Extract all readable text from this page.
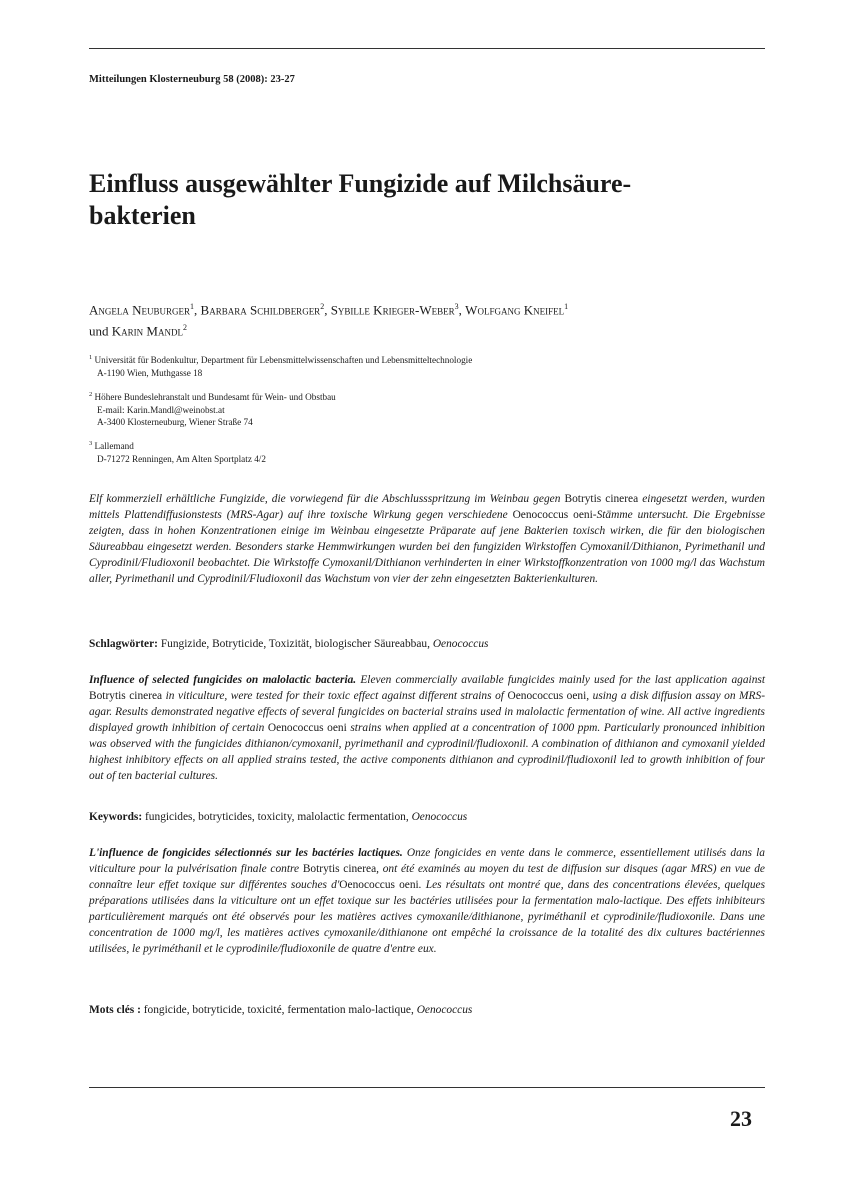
Mitteilungen Klosterneuburg 58 (2008): 23-27
Einfluss ausgewählter Fungizide auf Milchsäure-
bakterien
Angela Neuburger$^1$, Barbara Schildberger$^2$, Sybille Krieger-Weber$^3$, Wolfgang Kneifel$^1$
und Karin Mandl$^2$
$^1$ Universität für Bodenkultur, Department für Lebensmittelwissenschaften und Lebensmitteltechnologie
A-1190 Wien, Muthgasse 18
$^2$ Höhere Bundeslehranstalt und Bundesamt für Wein- und Obstbau
E-mail: Karin.Mandl@weinobst.at
A-3400 Klosterneuburg, Wiener Straße 74
$^3$ Lallemand
D-71272 Renningen, Am Alten Sportplatz 4/2

Elf kommerziell erhältliche Fungizide, die vorwiegend für die Abschlussspritzung im Weinbau gegen Botrytis cinerea eingesetzt werden, wurden mittels Plattendiffusionstests (MRS-Agar) auf ihre toxische Wirkung gegen verschiedene Oenococcus oeni-Stämme untersucht. Die Ergebnisse zeigten, dass in hohen Konzentrationen einige im Weinbau eingesetzte Präparate auf jene Bakterien toxisch wirken, die für den biologischen Säureabbau eingesetzt werden. Besonders starke Hemmwirkungen wurden bei den fungiziden Wirkstoffen Cymoxanil/Dithianon, Pyrimethanil und Cyprodinil/Fludioxonil beobachtet. Die Wirkstoffe Cymoxanil/Dithianon verhinderten in einer Wirkstoffkonzentration von 1000 mg/l das Wachstum aller, Pyrimethanil und Cyprodinil/Fludioxonil das Wachstum von vier der zehn eingesetzten Bakterienkulturen.

Schlagwörter: Fungizide, Botryticide, Toxizität, biologischer Säureabbau, Oenococcus

Influence of selected fungicides on malolactic bacteria. Eleven commercially available fungicides mainly used for the last application against Botrytis cinerea in viticulture, were tested for their toxic effect against different strains of Oenococcus oeni, using a disk diffusion assay on MRS-agar. Results demonstrated negative effects of several fungicides on bacterial strains used in malolactic fermentation of wine. All active ingredients displayed growth inhibition of certain Oenococcus oeni strains when applied at a concentration of 1000 ppm. Particularly pronounced inhibition was observed with the fungicides dithianon/cymoxanil, pyrimethanil and cyprodinil/fludioxonil. A combination of dithianon and cymoxanil yielded highest inhibitory effects on all applied strains tested, the active components dithianon and cyprodinil/fludioxonil led to growth inhibition of four out of ten bacterial cultures.

Keywords: fungicides, botryticides, toxicity, malolactic fermentation, Oenococcus

L'influence de fongicides sélectionnés sur les bactéries lactiques. Onze fongicides en vente dans le commerce, essentiellement utilisés dans la viticulture pour la pulvérisation finale contre Botrytis cinerea, ont été examinés au moyen du test de diffusion sur disques (agar MRS) en vue de connaître leur effet toxique sur différentes souches d'Oenococcus oeni. Les résultats ont montré que, dans des concentrations élevées, quelques préparations utilisées dans la viticulture ont un effet toxique sur les bactéries utilisées pour la fermentation malo-lactique. Des effets inhibiteurs particulièrement marqués ont été observés pour les matières actives cymoxanile/dithianone, pyriméthanil et cyprodinile/fludioxonile. Dans une concentration de 1000 mg/l, les matières actives cymoxanile/dithianone ont empêché la croissance de la totalité des dix cultures bactériennes utilisées, le pyriméthanil et le cyprodinile/fludioxonile de quatre d'entre eux.

Mots clés : fongicide, botryticide, toxicité, fermentation malo-lactique, Oenococcus
23
